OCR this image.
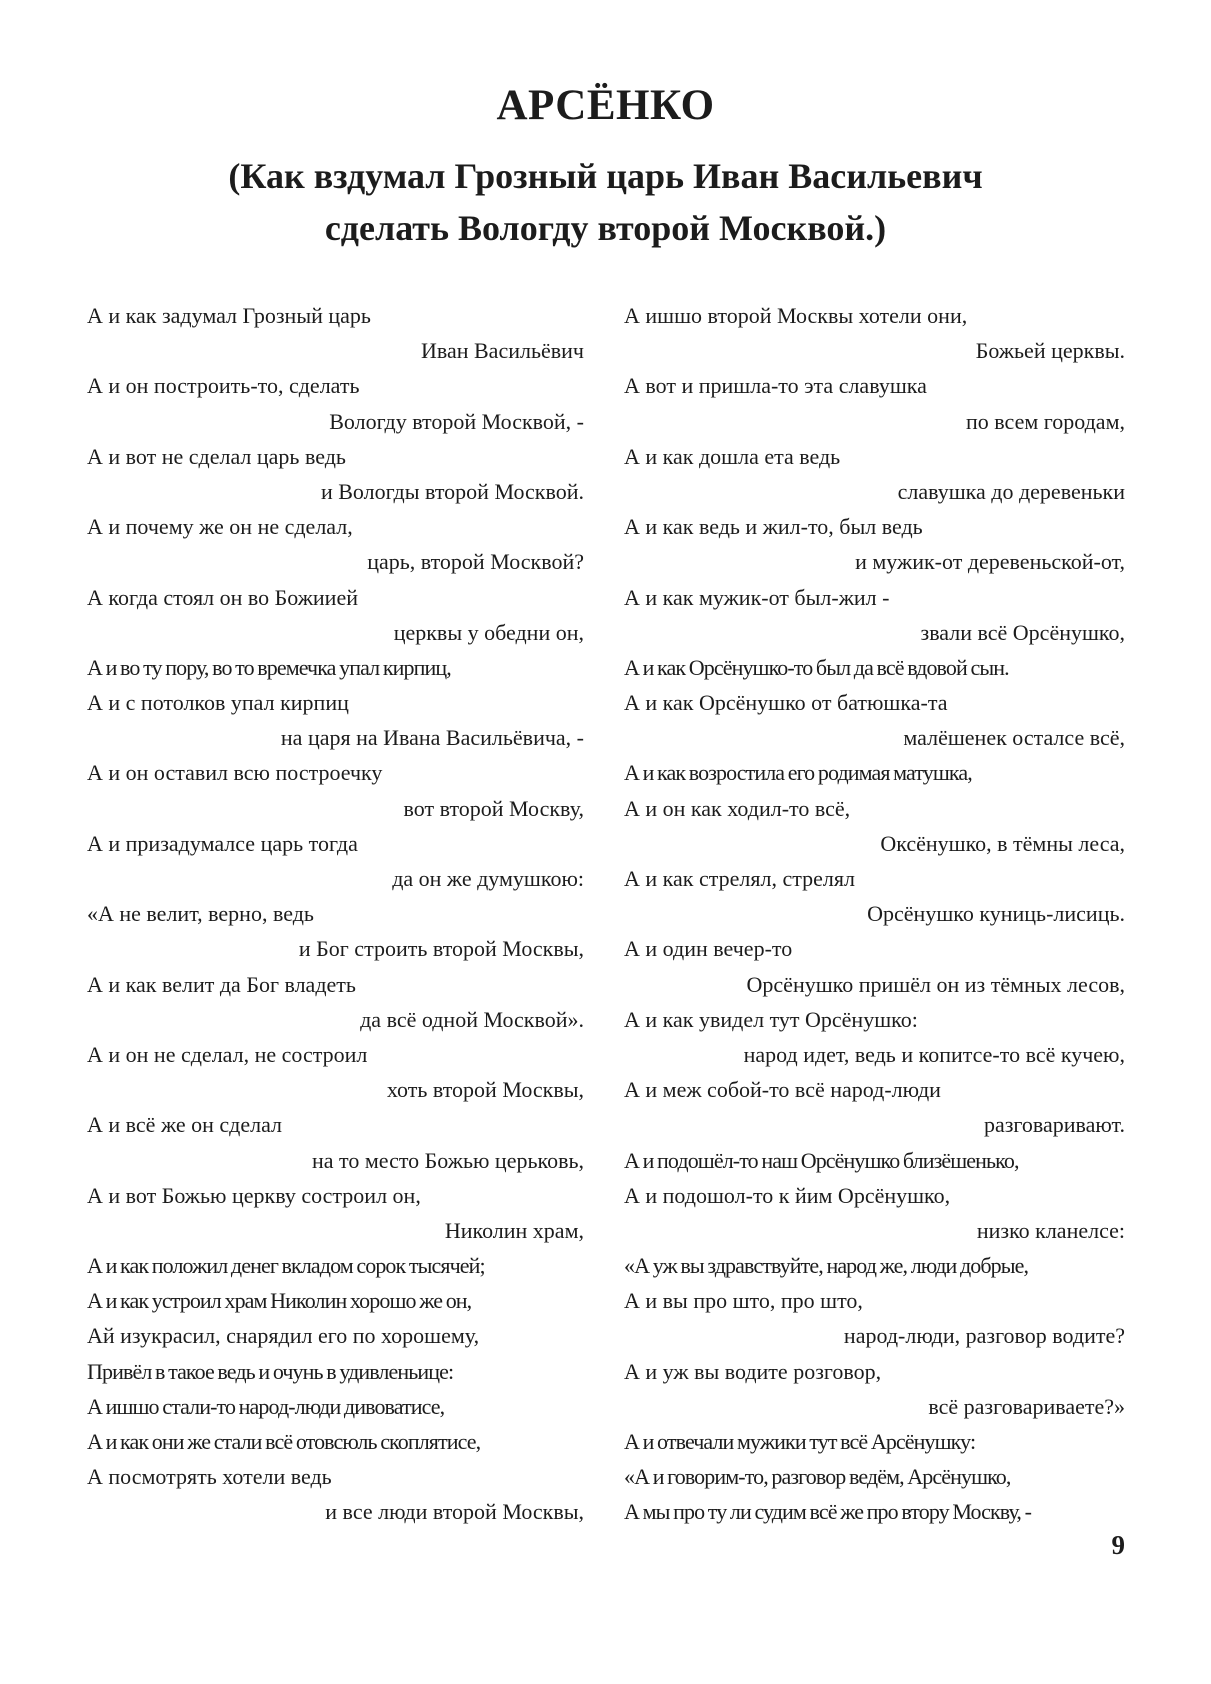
АРСЁНКО
(Как вздумал Грозный царь Иван Васильевич
сделать Вологду второй Москвой.)
А и как задумал Грозный царь
Иван Васильёвич
А и он построить-то, сделать
Вологду второй Москвой, -
А и вот не сделал царь ведь
и Вологды второй Москвой.
А и почему же он не сделал,
царь, второй Москвой?
А когда стоял он во Божиией
церквы у обедни он,
А и во ту пору, во то времечка упал кирпиц,
А и с потолков упал кирпиц
на царя на Ивана Васильёвича, -
А и он оставил всю построечку
вот второй Москву,
А и призадумалсе царь тогда
да он же думушкою:
«А не велит, верно, ведь
и Бог строить второй Москвы,
А и как велит да Бог владеть
да всё одной Москвой».
А и он не сделал, не сострoил
хоть второй Москвы,
А и всё же он сделал
на то место Божью церьковь,
А и вот Божью церкву сострoил он,
Николин храм,
А и как положил денег вкладом сорок тысячей;
А и как устроил храм Николин хорошо же он,
Ай изукрасил, снарядил его по хорошему,
Привёл в такое ведь и очунь в удивленьице:
А ишшо стали-то народ-люди дивоватисе,
А и как они же стали всё отовсюль скоплятисе,
А посмотрять хотели ведь
и все люди второй Москвы,
А ишшо второй Москвы хотели они,
Божьей церквы.
А вот и пришла-то эта славушка
по всем городам,
А и как дошла ета ведь
славушка до деревеньки
А и как ведь и жил-то, был ведь
и мужик-от деревеньской-от,
А и как мужик-от был-жил -
звали всё Орсёнушко,
А и как Орсёнушко-то был да всё вдовой сын.
А и как Орсёнушко от батюшка-та
малёшенек осталсе всё,
А и как возростила его родимая матушка,
А и он как ходил-то всё,
Оксёнушко, в тёмны леса,
А и как стрелял, стрелял
Орсёнушко куниць-лисиць.
А и один вечер-то
Орсёнушко пришёл он из тёмных лесов,
А и как увидел тут Орсёнушко:
народ идет, ведь и копитсе-то всё кучею,
А и меж собой-то всё народ-люди
разговаривают.
А и подошёл-то наш Орсёнушко близёшенько,
А и подошол-то к йим Орсёнушко,
низко кланелсе:
«А уж вы здравствуйте, народ же, люди добрые,
А и вы про што, про што,
народ-люди, разговор водите?
А и уж вы водите розговор,
всё разговариваете?»
А и отвечали мужики тут всё Арсёнушку:
«А и говорим-то, разговор ведём, Арсёнушко,
А мы про ту ли судим всё же про втору Москву, -
9
